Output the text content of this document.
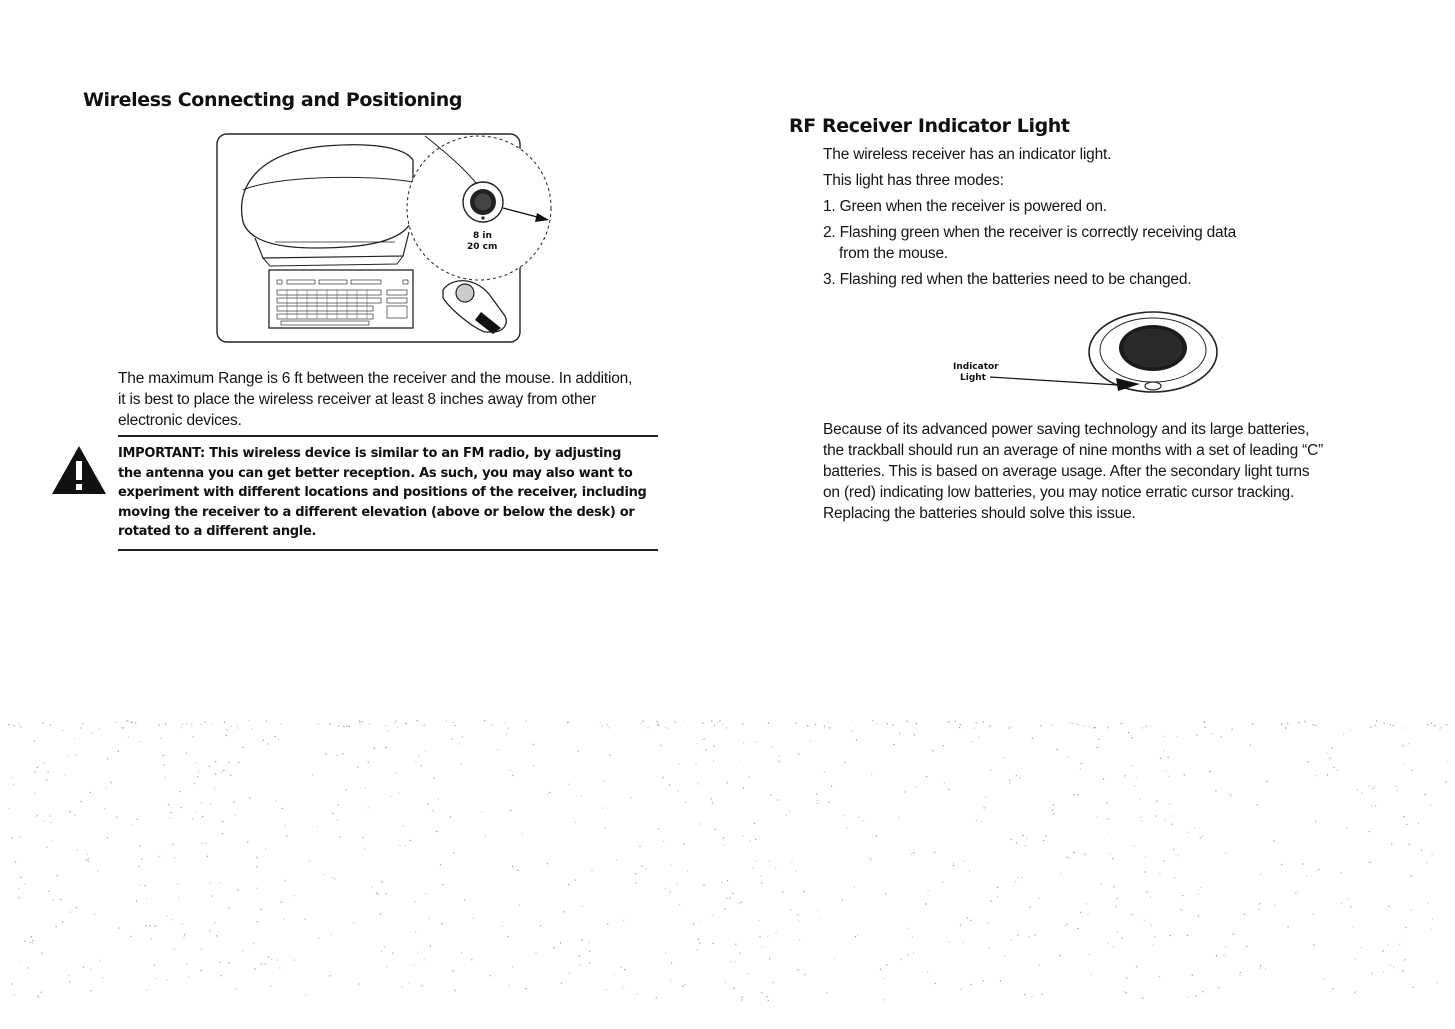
Wireless Connecting and Positioning
8 in
20 cm
The maximum Range is 6 ft between the receiver and the mouse. In addition,
it is best to place the wireless receiver at least 8 inches away from other
electronic devices.
IMPORTANT: This wireless device is similar to an FM radio, by adjusting
the antenna you can get better reception. As such, you may also want to
experiment with different locations and positions of the receiver, including
moving the receiver to a different elevation (above or below the desk) or
rotated to a different angle.
RF Receiver Indicator Light
The wireless receiver has an indicator light.
This light has three modes:
1. Green when the receiver is powered on.
2. Flashing green when the receiver is correctly receiving data
from the mouse.
3. Flashing red when the batteries need to be changed.
Indicator
Light
Because of its advanced power saving technology and its large batteries,
the trackball should run an average of nine months with a set of leading “C”
batteries. This is based on average usage. After the secondary light turns
on (red) indicating low batteries, you may notice erratic cursor tracking.
Replacing the batteries should solve this issue.
